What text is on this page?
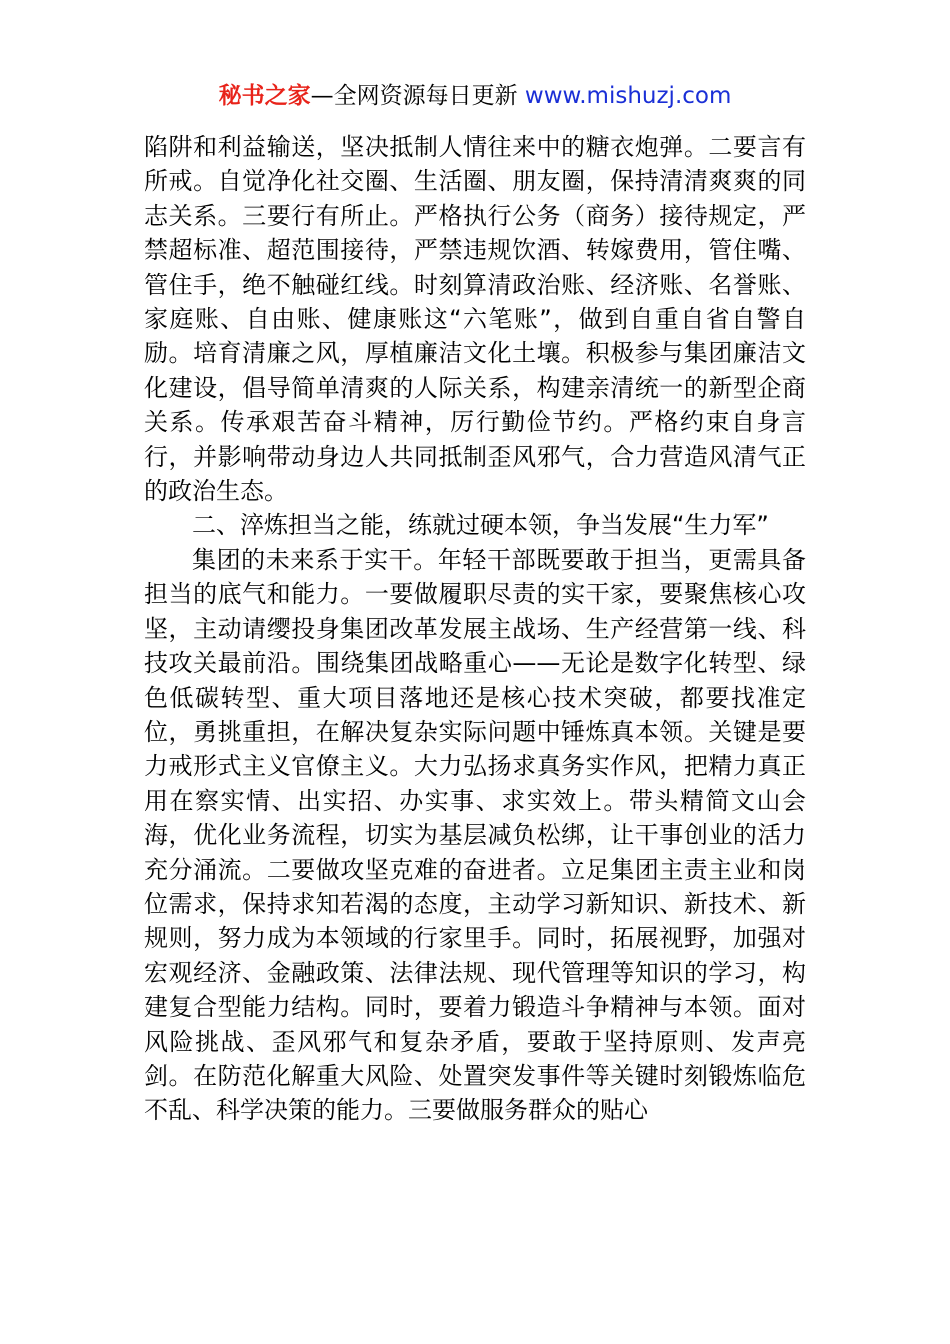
秘书之家—全网资源每日更新 www.mishuzj.com

陷阱和利益输送，坚决抵制人情往来中的糖衣炮弹。二要言有所戒。自觉净化社交圈、生活圈、朋友圈，保持清清爽爽的同志关系。三要行有所止。严格执行公务（商务）接待规定，严禁超标准、超范围接待，严禁违规饮酒、转嫁费用，管住嘴、管住手，绝不触碰红线。时刻算清政治账、经济账、名誉账、家庭账、自由账、健康账这“六笔账”，做到自重自省自警自励。培育清廉之风，厚植廉洁文化土壤。积极参与集团廉洁文化建设，倡导简单清爽的人际关系，构建亲清统一的新型企商关系。传承艰苦奋斗精神，厉行勤俭节约。严格约束自身言行，并影响带动身边人共同抵制歪风邪气，合力营造风清气正的政治生态。

二、淬炼担当之能，练就过硬本领，争当发展“生力军”

集团的未来系于实干。年轻干部既要敢于担当，更需具备担当的底气和能力。一要做履职尽责的实干家，要聚焦核心攻坚，主动请缨投身集团改革发展主战场、生产经营第一线、科技攻关最前沿。围绕集团战略重心——无论是数字化转型、绿色低碳转型、重大项目落地还是核心技术突破，都要找准定位，勇挑重担，在解决复杂实际问题中锤炼真本领。关键是要力戒形式主义官僚主义。大力弘扬求真务实作风，把精力真正用在察实情、出实招、办实事、求实效上。带头精简文山会海，优化业务流程，切实为基层减负松绑，让干事创业的活力充分涌流。二要做攻坚克难的奋进者。立足集团主责主业和岗位需求，保持求知若渴的态度，主动学习新知识、新技术、新规则，努力成为本领域的行家里手。同时，拓展视野，加强对宏观经济、金融政策、法律法规、现代管理等知识的学习，构建复合型能力结构。同时，要着力锻造斗争精神与本领。面对风险挑战、歪风邪气和复杂矛盾，要敢于坚持原则、发声亮剑。在防范化解重大风险、处置突发事件等关键时刻锻炼临危不乱、科学决策的能力。三要做服务群众的贴心
